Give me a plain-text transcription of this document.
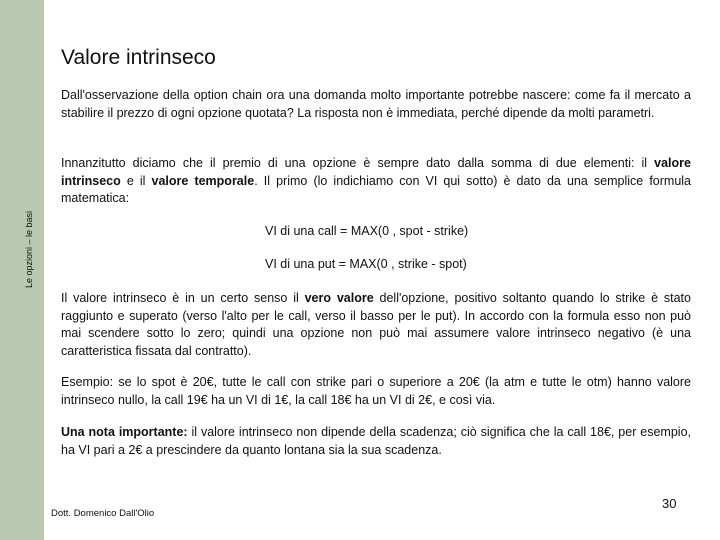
Le opzioni – le basi
Valore intrinseco

Dall'osservazione della option chain ora una domanda molto importante potrebbe nascere: come fa il mercato a stabilire il prezzo di ogni opzione quotata? La risposta non è immediata, perché dipende da molti parametri.

Innanzitutto diciamo che il premio di una opzione è sempre dato dalla somma di due elementi: il valore intrinseco e il valore temporale. Il primo (lo indichiamo con VI qui sotto) è dato da una semplice formula matematica:

VI di una call = MAX(0 , spot - strike)

VI di una put = MAX(0 , strike - spot)

Il valore intrinseco è in un certo senso il vero valore dell'opzione, positivo soltanto quando lo strike è stato raggiunto e superato (verso l'alto per le call, verso il basso per le put). In accordo con la formula esso non può mai scendere sotto lo zero; quindi una opzione non può mai assumere valore intrinseco negativo (è una caratteristica fissata dal contratto).

Esempio: se lo spot è 20€, tutte le call con strike pari o superiore a 20€ (la atm e tutte le otm) hanno valore intrinseco nullo, la call 19€ ha un VI di 1€, la call 18€ ha un VI di 2€, e così via.

Una nota importante: il valore intrinseco non dipende della scadenza; ciò significa che la call 18€, per esempio, ha VI pari a 2€ a prescindere da quanto lontana sia la sua scadenza.

Dott. Domenico Dall'Olio
30
